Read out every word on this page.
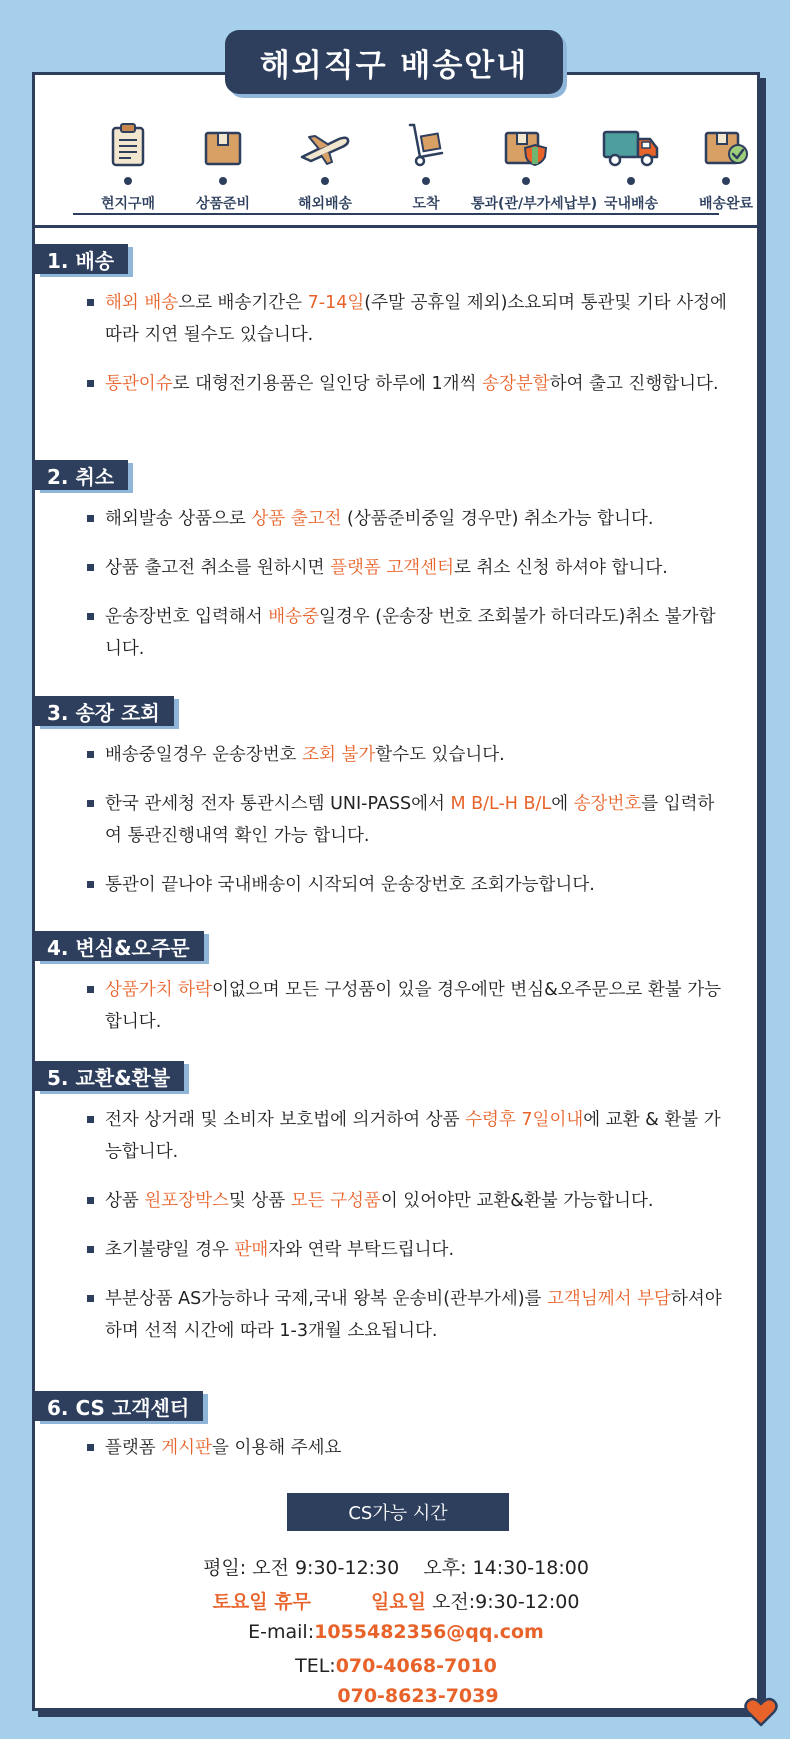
해외직구 배송안내
현지구매	상품준비	해외배송	도착	통과(관/부가세납부) 국내배송	배송완료
1. 배송
해외 배송으로 배송기간은 7-14일(주말 공휴일 제외)소요되며 통관및 기타 사정에 따라 지연 될수도 있습니다.
통관이슈로 대형전기용품은 일인당 하루에 1개씩 송장분할하여 출고 진행합니다.
2. 취소
해외발송 상품으로 상품 출고전 (상품준비중일 경우만) 취소가능 합니다.
상품 출고전 취소를 원하시면 플랫폼 고객센터로 취소 신청 하셔야 합니다.
운송장번호 입력해서 배송중일경우 (운송장 번호 조회불가 하더라도)취소 불가합니다.
3. 송장 조회
배송중일경우 운송장번호 조회 불가할수도 있습니다.
한국 관세청 전자 통관시스템 UNI-PASS에서 M B/L-H B/L에 송장번호를 입력하여 통관진행내역 확인 가능 합니다.
통관이 끝나야 국내배송이 시작되여 운송장번호 조회가능합니다.
4. 변심&오주문
상품가치 하락이없으며 모든 구성품이 있을 경우에만 변심&오주문으로 환불 가능합니다.
5. 교환&환불
전자 상거래 및 소비자 보호법에 의거하여 상품 수령후 7일이내에 교환 & 환불 가능합니다.
상품 원포장박스및 상품 모든 구성품이 있어야만 교환&환불 가능합니다.
초기불량일 경우 판매자와 연락 부탁드립니다.
부분상품 AS가능하나 국제,국내 왕복 운송비(관부가세)를 고객님께서 부담하셔야 하며 선적 시간에 따라 1-3개월 소요됩니다.
6. CS 고객센터
플랫폼 게시판을 이용해 주세요
CS가능 시간
평일: 오전 9:30-12:30    오후: 14:30-18:00
토요일 휴무	일요일 오전:9:30-12:00
E-mail:1055482356@qq.com
TEL:070-4068-7010
070-8623-7039
